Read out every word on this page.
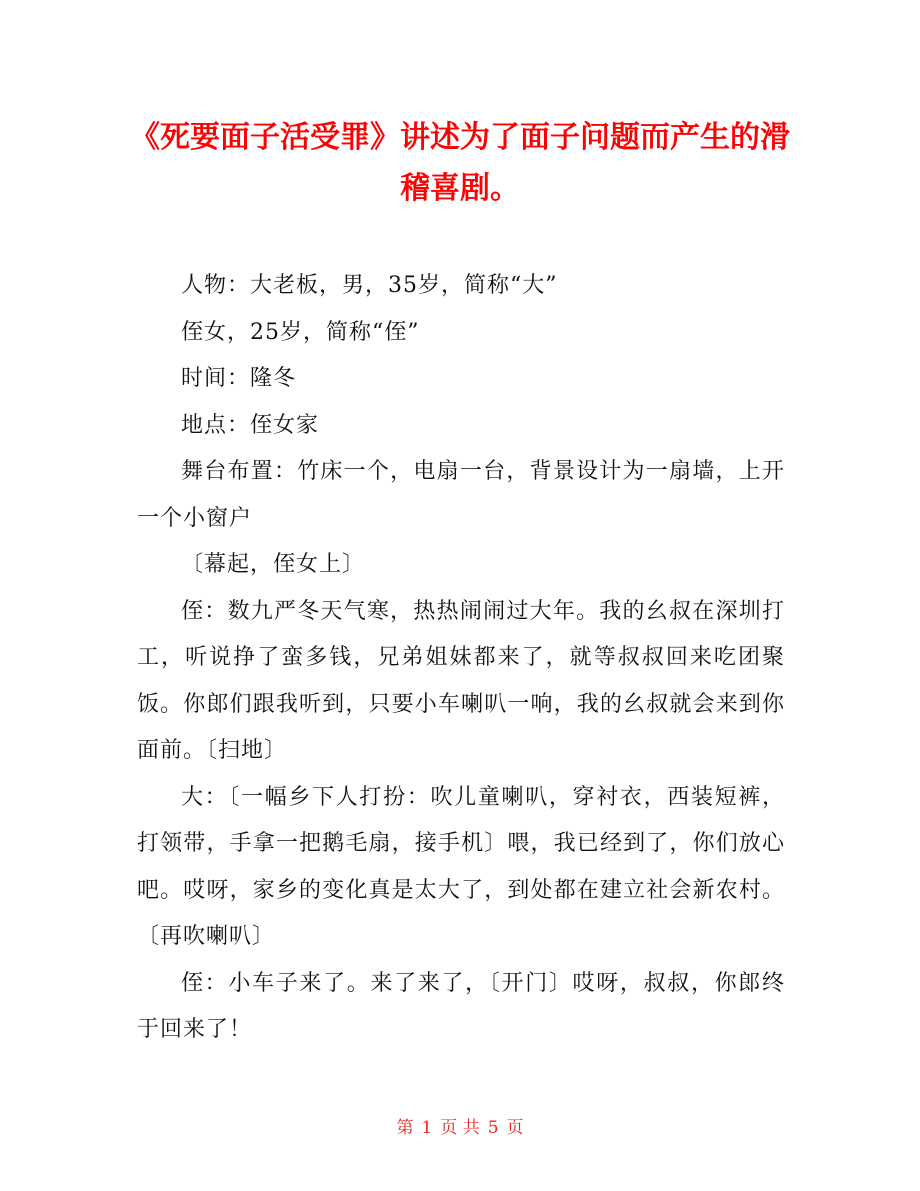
《死要面子活受罪》讲述为了面子问题而产生的滑稽喜剧。

人物：大老板，男，35岁，简称“大”

侄女，25岁，简称“侄”

时间：隆冬

地点：侄女家

舞台布置：竹床一个，电扇一台，背景设计为一扇墙，上开一个小窗户

〔幕起，侄女上〕

侄：数九严冬天气寒，热热闹闹过大年。我的幺叔在深圳打工，听说挣了蛮多钱，兄弟姐妹都来了，就等叔叔回来吃团聚饭。你郎们跟我听到，只要小车喇叭一响，我的幺叔就会来到你面前。〔扫地〕

大：〔一幅乡下人打扮：吹儿童喇叭，穿衬衣，西装短裤，打领带，手拿一把鹅毛扇，接手机〕喂，我已经到了，你们放心吧。哎呀，家乡的变化真是太大了，到处都在建立社会新农村。〔再吹喇叭〕

侄：小车子来了。来了来了，〔开门〕哎呀，叔叔，你郎终于回来了！

第 1 页 共 5 页
